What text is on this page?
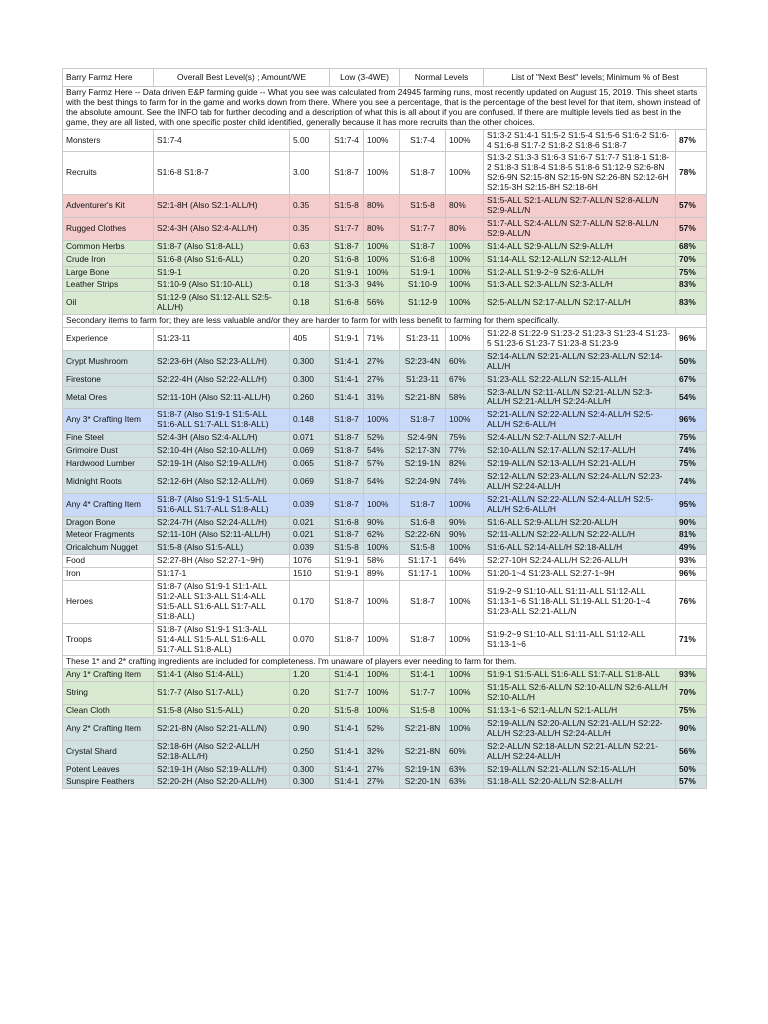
Barry Farmz Here	Overall Best Level(s) ; Amount/WE		Low (3-4WE)		Normal Levels		List of "Next Best" levels; Minimum % of Best	
Barry Farmz Here -- Data driven E&P farming guide -- What you see was calculated from 24945 farming runs, most recently updated on August 15, 2019. This sheet starts with the best things to farm for in the game and works down from there. Where you see a percentage, that is the percentage of the best level for that item, shown instead of the absolute amount. See the INFO tab for further decoding and a description of what this is all about if you are confused. If there are multiple levels tied as best in the game, they are all listed, with one specific poster child identified, generally because it has more recruits than the other choices.								
Monsters	S1:7-4	5.00	S1:7-4	100%	S1:7-4	100%	S1:3-2 S1:4-1 S1:5-2 S1:5-4 S1:5-6 S1:6-2 S1:6-4 S1:6-8 S1:7-2 S1:8-2 S1:8-6 S1:8-7	87%
Recruits	S1:6-8 S1:8-7	3.00	S1:8-7	100%	S1:8-7	100%	S1:3-2 S1:3-3 S1:6-3 S1:6-7 S1:7-7 S1:8-1 S1:8-2 S1:8-3 S1:8-4 S1:8-5 S1:8-6 S1:12-9 S2:6-8N S2:6-9N S2:15-8N S2:15-9N S2:26-8N S2:12-6H S2:15-3H S2:15-8H S2:18-6H	78%
Adventurer's Kit	S2:1-8H (Also S2:1-ALL/H)	0.35	S1:5-8	80%	S1:5-8	80%	S1:5-ALL S2:1-ALL/N S2:7-ALL/N S2:8-ALL/N S2:9-ALL/N	57%
Rugged Clothes	S2:4-3H (Also S2:4-ALL/H)	0.35	S1:7-7	80%	S1:7-7	80%	S1:7-ALL S2:4-ALL/N S2:7-ALL/N S2:8-ALL/N S2:9-ALL/N	57%
Common Herbs	S1:8-7 (Also S1:8-ALL)	0.63	S1:8-7	100%	S1:8-7	100%	S1:4-ALL S2:9-ALL/N S2:9-ALL/H	68%
Crude Iron	S1:6-8 (Also S1:6-ALL)	0.20	S1:6-8	100%	S1:6-8	100%	S1:14-ALL S2:12-ALL/N S2:12-ALL/H	70%
Large Bone	S1:9-1	0.20	S1:9-1	100%	S1:9-1	100%	S1:2-ALL S1:9-2~9 S2:6-ALL/H	75%
Leather Strips	S1:10-9 (Also S1:10-ALL)	0.18	S1:3-3	94%	S1:10-9	100%	S1:3-ALL S2:3-ALL/N S2:3-ALL/H	83%
Oil	S1:12-9 (Also S1:12-ALL S2:5-ALL/H)	0.18	S1:6-8	56%	S1:12-9	100%	S2:5-ALL/N S2:17-ALL/N S2:17-ALL/H	83%
Secondary items to farm for; they are less valuable and/or they are harder to farm for with less benefit to farming for them specifically.								
Experience	S1:23-11	405	S1:9-1	71%	S1:23-11	100%	S1:22-8 S1:22-9 S1:23-2 S1:23-3 S1:23-4 S1:23-5 S1:23-6 S1:23-7 S1:23-8 S1:23-9	96%
Crypt Mushroom	S2:23-6H (Also S2:23-ALL/H)	0.300	S1:4-1	27%	S2:23-4N	60%	S2:14-ALL/N S2:21-ALL/N S2:23-ALL/N S2:14-ALL/H	50%
Firestone	S2:22-4H (Also S2:22-ALL/H)	0.300	S1:4-1	27%	S1:23-11	67%	S1:23-ALL S2:22-ALL/N S2:15-ALL/H	67%
Metal Ores	S2:11-10H (Also S2:11-ALL/H)	0.260	S1:4-1	31%	S2:21-8N	58%	S2:3-ALL/N S2:11-ALL/N S2:21-ALL/N S2:3-ALL/H S2:21-ALL/H S2:24-ALL/H	54%
Any 3* Crafting Item	S1:8-7 (Also S1:9-1 S1:5-ALL S1:6-ALL S1:7-ALL S1:8-ALL)	0.148	S1:8-7	100%	S1:8-7	100%	S2:21-ALL/N S2:22-ALL/N S2:4-ALL/H S2:5-ALL/H S2:6-ALL/H	96%
Fine Steel	S2:4-3H (Also S2:4-ALL/H)	0.071	S1:8-7	52%	S2:4-9N	75%	S2:4-ALL/N S2:7-ALL/N S2:7-ALL/H	75%
Grimoire Dust	S2:10-4H (Also S2:10-ALL/H)	0.069	S1:8-7	54%	S2:17-3N	77%	S2:10-ALL/N S2:17-ALL/N S2:17-ALL/H	74%
Hardwood Lumber	S2:19-1H (Also S2:19-ALL/H)	0.065	S1:8-7	57%	S2:19-1N	82%	S2:19-ALL/N S2:13-ALL/H S2:21-ALL/H	75%
Midnight Roots	S2:12-6H (Also S2:12-ALL/H)	0.069	S1:8-7	54%	S2:24-9N	74%	S2:12-ALL/N S2:23-ALL/N S2:24-ALL/N S2:23-ALL/H S2:24-ALL/H	74%
Any 4* Crafting Item	S1:8-7 (Also S1:9-1 S1:5-ALL S1:6-ALL S1:7-ALL S1:8-ALL)	0.039	S1:8-7	100%	S1:8-7	100%	S2:21-ALL/N S2:22-ALL/N S2:4-ALL/H S2:5-ALL/H S2:6-ALL/H	95%
Dragon Bone	S2:24-7H (Also S2:24-ALL/H)	0.021	S1:6-8	90%	S1:6-8	90%	S1:6-ALL S2:9-ALL/H S2:20-ALL/H	90%
Meteor Fragments	S2:11-10H (Also S2:11-ALL/H)	0.021	S1:8-7	62%	S2:22-6N	90%	S2:11-ALL/N S2:22-ALL/N S2:22-ALL/H	81%
Oricalchum Nugget	S1:5-8 (Also S1:5-ALL)	0.039	S1:5-8	100%	S1:5-8	100%	S1:6-ALL S2:14-ALL/H S2:18-ALL/H	49%
Food	S2:27-8H (Also S2:27-1~9H)	1076	S1:9-1	58%	S1:17-1	64%	S2:27-10H S2:24-ALL/H S2:26-ALL/H	93%
Iron	S1:17-1	1510	S1:9-1	89%	S1:17-1	100%	S1:20-1~4 S1:23-ALL S2:27-1~9H	96%
Heroes	S1:8-7 (Also S1:9-1 S1:1-ALL S1:2-ALL S1:3-ALL S1:4-ALL S1:5-ALL S1:6-ALL S1:7-ALL S1:8-ALL)	0.170	S1:8-7	100%	S1:8-7	100%	S1:9-2~9 S1:10-ALL S1:11-ALL S1:12-ALL S1:13-1~6 S1:18-ALL S1:19-ALL S1:20-1~4 S1:23-ALL S2:21-ALL/N	76%
Troops	S1:8-7 (Also S1:9-1 S1:3-ALL S1:4-ALL S1:5-ALL S1:6-ALL S1:7-ALL S1:8-ALL)	0.070	S1:8-7	100%	S1:8-7	100%	S1:9-2~9 S1:10-ALL S1:11-ALL S1:12-ALL S1:13-1~6	71%
These 1* and 2* crafting ingredients are included for completeness. I'm unaware of players ever needing to farm for them.								
Any 1* Crafting Item	S1:4-1 (Also S1:4-ALL)	1.20	S1:4-1	100%	S1:4-1	100%	S1:9-1 S1:5-ALL S1:6-ALL S1:7-ALL S1:8-ALL	93%
String	S1:7-7 (Also S1:7-ALL)	0.20	S1:7-7	100%	S1:7-7	100%	S1:15-ALL S2:6-ALL/N S2:10-ALL/N S2:6-ALL/H S2:10-ALL/H	70%
Clean Cloth	S1:5-8 (Also S1:5-ALL)	0.20	S1:5-8	100%	S1:5-8	100%	S1:13-1~6 S2:1-ALL/N S2:1-ALL/H	75%
Any 2* Crafting Item	S2:21-8N (Also S2:21-ALL/N)	0.90	S1:4-1	52%	S2:21-8N	100%	S2:19-ALL/N S2:20-ALL/N S2:21-ALL/H S2:22-ALL/H S2:23-ALL/H S2:24-ALL/H	90%
Crystal Shard	S2:18-6H (Also S2:2-ALL/H S2:18-ALL/H)	0.250	S1:4-1	32%	S2:21-8N	60%	S2:2-ALL/N S2:18-ALL/N S2:21-ALL/N S2:21-ALL/H S2:24-ALL/H	56%
Potent Leaves	S2:19-1H (Also S2:19-ALL/H)	0.300	S1:4-1	27%	S2:19-1N	63%	S2:19-ALL/N S2:21-ALL/N S2:15-ALL/H	50%
Sunspire Feathers	S2:20-2H (Also S2:20-ALL/H)	0.300	S1:4-1	27%	S2:20-1N	63%	S1:18-ALL S2:20-ALL/N S2:8-ALL/H	57%
